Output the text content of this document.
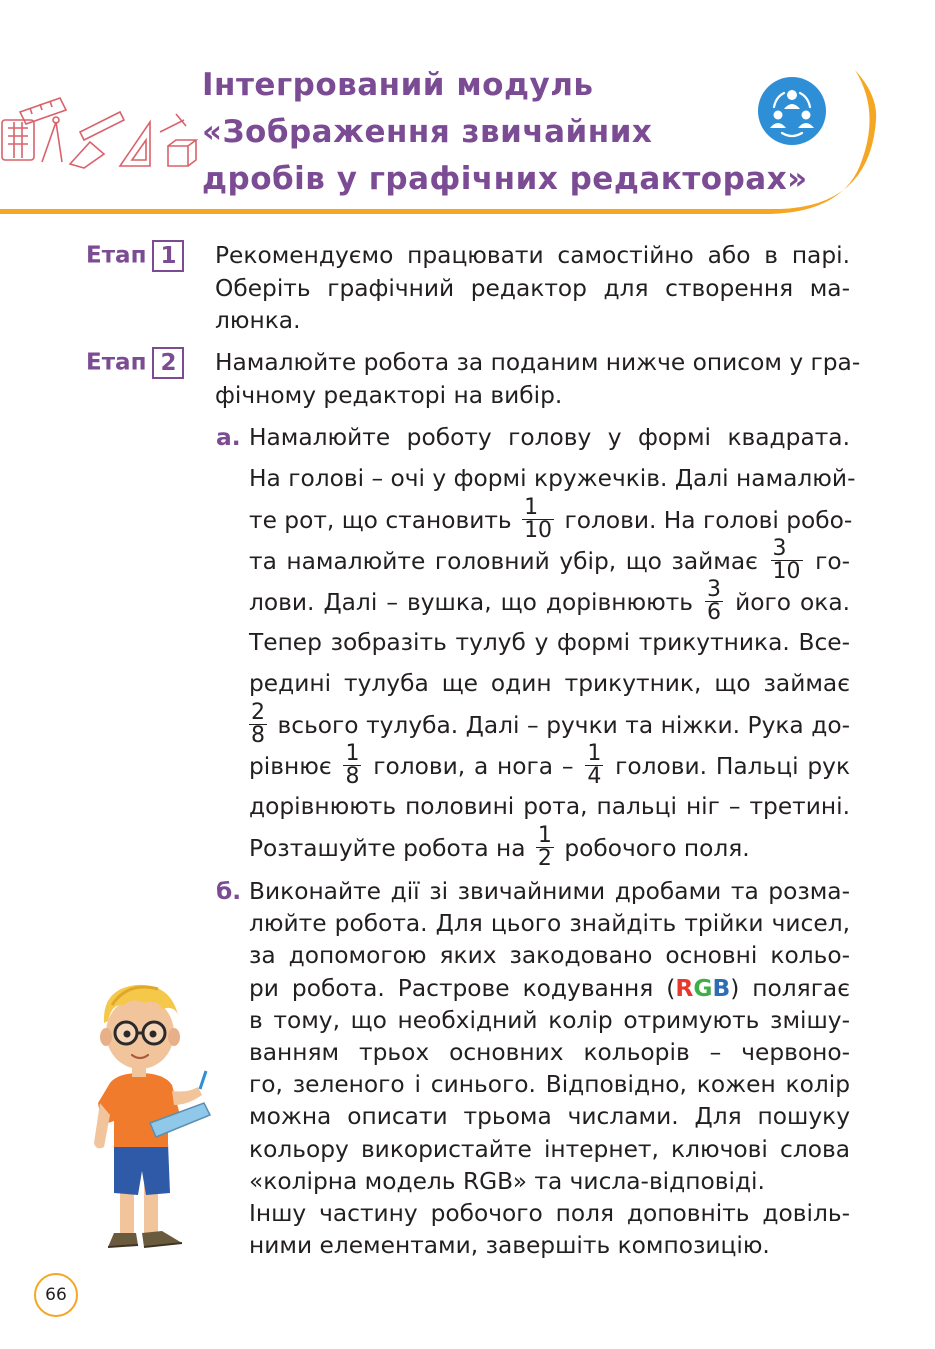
Інтегрований модуль
«Зображення звичайних
дробів у графічних редакторах»
Етап 1	Рекомендуємо працювати самостійно або в парі.
Оберіть графічний редактор для створення ма-
люнка.

Етап 2	Намалюйте робота за поданим нижче описом у гра-
фічному редакторі на вибір.

а. Намалюйте роботу голову у формі квадрата.
На голові – очі у формі кружечків. Далі намалюй-
те рот, що становить $\frac{1}{10}$ голови. На голові робо-
та намалюйте головний убір, що займає $\frac{3}{10} го-$
лови. Далі – вушка, що дорівнюють $\frac{3}{6}$ його ока.
Тепер зобразіть тулуб у формі трикутника. Все-
редині тулуба ще один трикутник, що займає
$\frac{2}{8}$ всього тулуба. Далі – ручки та ніжки. Рука до-
рівнює $\frac{1}{8}$ голови, а нога – $\frac{1}{4}$ голови. Пальці рук
дорівнюють половині рота, пальці ніг – третині.
Розташуйте робота на $\frac{1}{2}$ робочого поля.
б. Виконайте дії зі звичайними дробами та розма-
люйте робота. Для цього знайдіть трійки чисел,
за допомогою яких закодовано основні кольо-
ри робота. Растрове кодування (RGB) полягає
в тому, що необхідний колір отримують змішу-
ванням трьох основних кольорів – червоно-
го, зеленого і синього. Відповідно, кожен колір
можна описати трьома числами. Для пошуку
кольору використайте інтернет, ключові слова
«колірна модель RGB» та числа-відповіді.
Іншу частину робочого поля доповніть довіль-
ними елементами, завершіть композицію.
66
